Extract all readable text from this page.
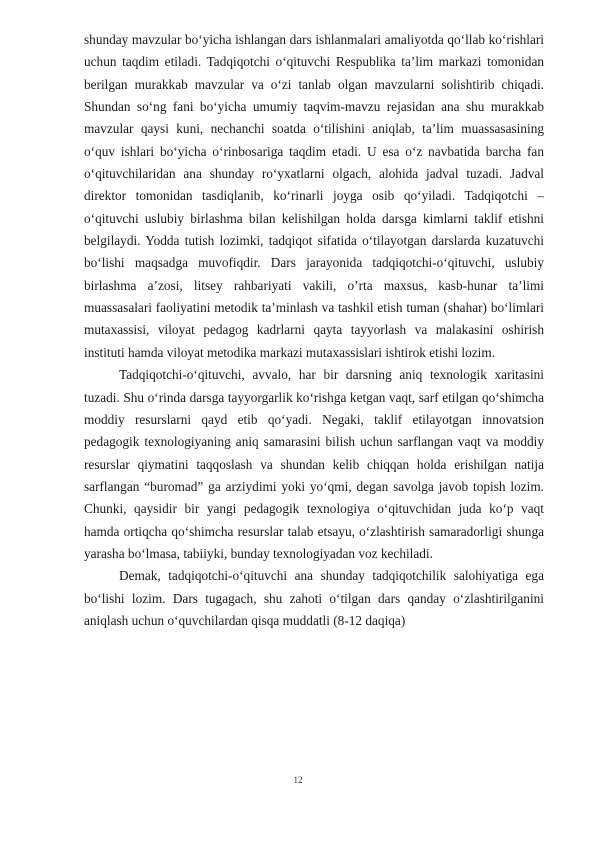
shunday mavzular bo‘yicha ishlangan dars ishlanmalari amaliyotda qo‘llab ko‘rishlari uchun taqdim etiladi. Tadqiqotchi o‘qituvchi Respublika ta’lim markazi tomonidan berilgan murakkab mavzular va o‘zi tanlab olgan mavzularni solishtirib chiqadi. Shundan so‘ng fani bo‘yicha umumiy taqvim-mavzu rejasidan ana shu murakkab mavzular qaysi kuni, nechanchi soatda o‘tilishini aniqlab, ta’lim muassasasining o‘quv ishlari bo‘yicha o‘rinbosariga taqdim etadi. U esa o‘z navbatida barcha fan o‘qituvchilaridan ana shunday ro‘yxatlarni olgach, alohida jadval tuzadi. Jadval direktor tomonidan tasdiqlanib, ko‘rinarli joyga osib qo‘yiladi. Tadqiqotchi –o‘qituvchi uslubiy birlashma bilan kelishilgan holda darsga kimlarni taklif etishni belgilaydi. Yodda tutish lozimki, tadqiqot sifatida o‘tilayotgan darslarda kuzatuvchi bo‘lishi maqsadga muvofiqdir. Dars jarayonida tadqiqotchi-o‘qituvchi, uslubiy birlashma a’zosi, litsey rahbariyati vakili, o’rta maxsus, kasb-hunar ta’limi muassasalari faoliyatini metodik ta’minlash va tashkil etish tuman (shahar) bo‘limlari mutaxassisi, viloyat pedagog kadrlarni qayta tayyorlash va malakasini oshirish instituti hamda viloyat metodika markazi mutaxassislari ishtirok etishi lozim.

Tadqiqotchi-o‘qituvchi, avvalo, har bir darsning aniq texnologik xaritasini tuzadi. Shu o‘rinda darsga tayyorgarlik ko‘rishga ketgan vaqt, sarf etilgan qo‘shimcha moddiy resurslarni qayd etib qo‘yadi. Negaki, taklif etilayotgan innovatsion pedagogik texnologiyaning aniq samarasini bilish uchun sarflangan vaqt va moddiy resurslar qiymatini taqqoslash va shundan kelib chiqqan holda erishilgan natija sarflangan “buromad” ga arziydimi yoki yo‘qmi, degan savolga javob topish lozim. Chunki, qaysidir bir yangi pedagogik texnologiya o‘qituvchidan juda ko‘p vaqt hamda ortiqcha qo‘shimcha resurslar talab etsayu, o‘zlashtirish samaradorligi shunga yarasha bo‘lmasa, tabiiyki, bunday texnologiyadan voz kechiladi.

Demak, tadqiqotchi-o‘qituvchi ana shunday tadqiqotchilik salohiyatiga ega bo‘lishi lozim. Dars tugagach, shu zahoti o‘tilgan dars qanday o‘zlashtirilganini aniqlash uchun o‘quvchilardan qisqa muddatli (8-12 daqiqa)

12
